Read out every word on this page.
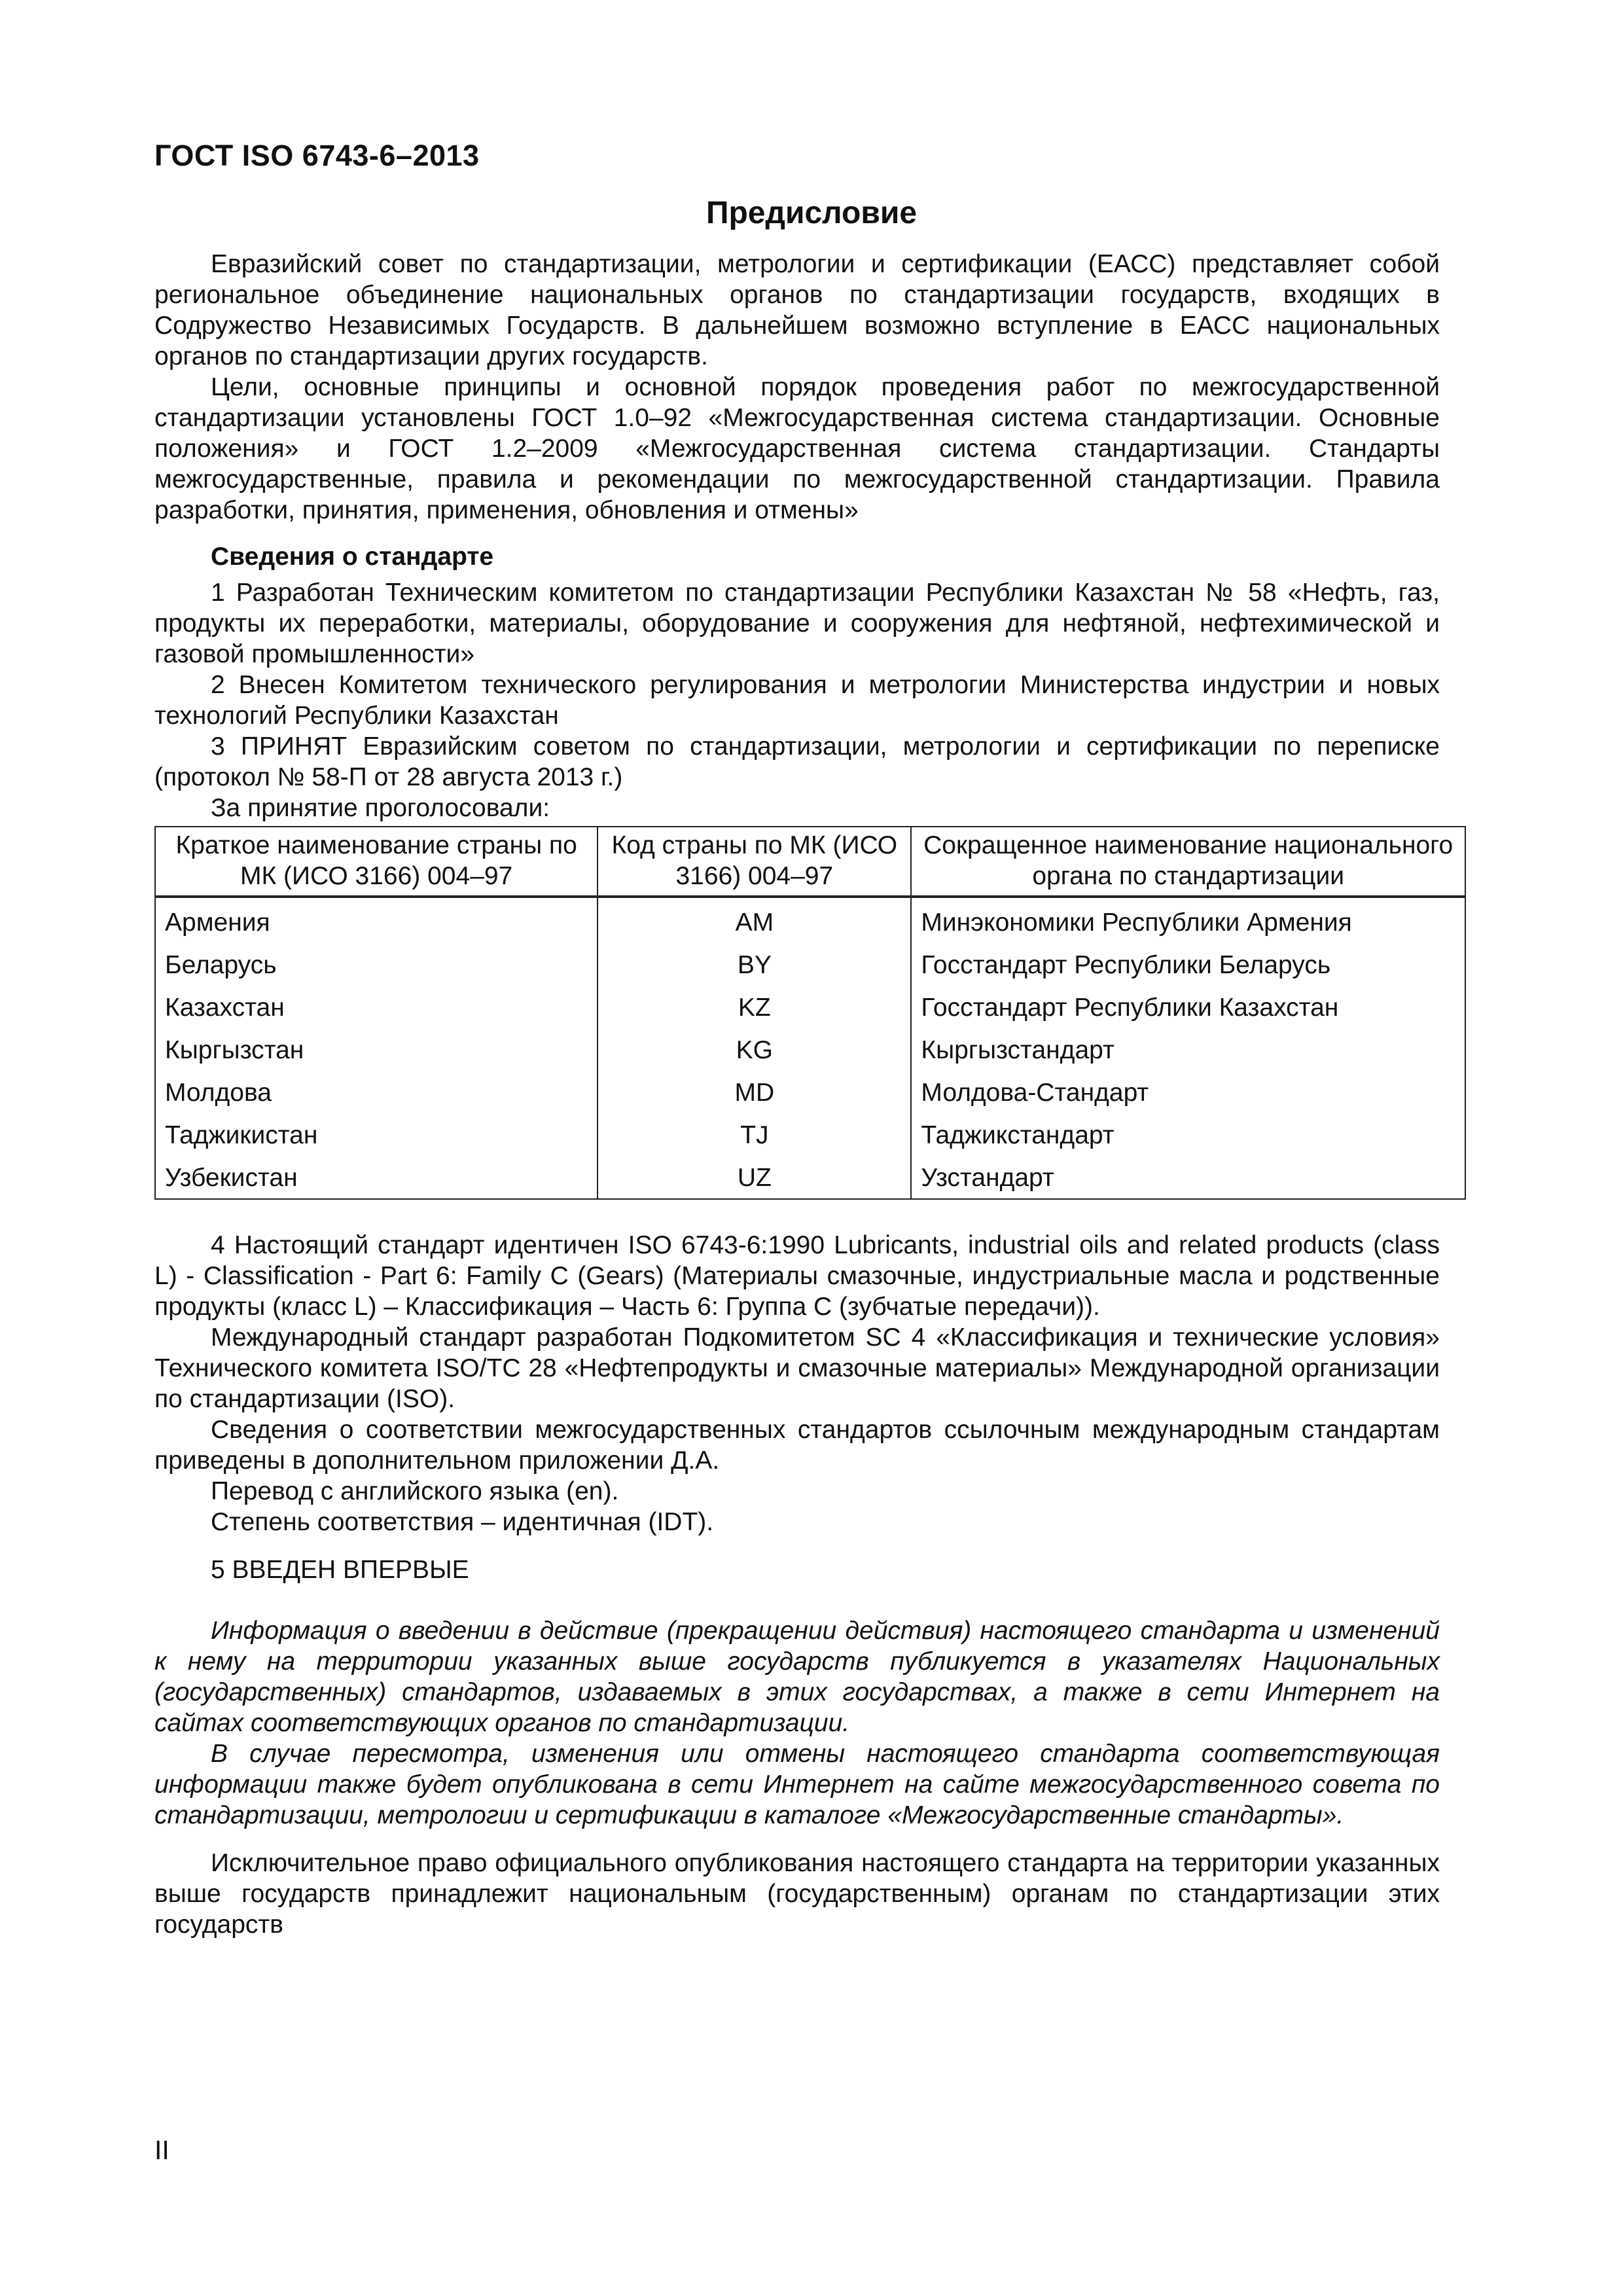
ГОСТ ISO 6743-6–2013
Предисловие

Евразийский совет по стандартизации, метрологии и сертификации (ЕАСС) представляет собой региональное объединение национальных органов по стандартизации государств, входящих в Содружество Независимых Государств. В дальнейшем возможно вступление в ЕАСС национальных органов по стандартизации других государств.

Цели, основные принципы и основной порядок проведения работ по межгосударственной стандартизации установлены ГОСТ 1.0–92 «Межгосударственная система стандартизации. Основные положения» и ГОСТ 1.2–2009 «Межгосударственная система стандартизации. Стандарты межгосударственные, правила и рекомендации по межгосударственной стандартизации. Правила разработки, принятия, применения, обновления и отмены»

Сведения о стандарте

1 Разработан Техническим комитетом по стандартизации Республики Казахстан № 58 «Нефть, газ, продукты их переработки, материалы, оборудование и сооружения для нефтяной, нефтехимической и газовой промышленности»

2 Внесен Комитетом технического регулирования и метрологии Министерства индустрии и новых технологий Республики Казахстан

3 ПРИНЯТ Евразийским советом по стандартизации, метрологии и сертификации по переписке (протокол № 58-П от 28 августа 2013 г.)

За принятие проголосовали:

Краткое наименование страны по МК (ИСО 3166) 004–97	Код страны по МК (ИСО 3166) 004–97	Сокращенное наименование национального органа по стандартизации
Армения	AM	Минэкономики Республики Армения
Беларусь	BY	Госстандарт Республики Беларусь
Казахстан	KZ	Госстандарт Республики Казахстан
Кыргызстан	KG	Кыргызстандарт
Молдова	MD	Молдова-Стандарт
Таджикистан	TJ	Таджикстандарт
Узбекистан	UZ	Узстандарт

4 Настоящий стандарт идентичен ISO 6743-6:1990 Lubricants, industrial oils and related products (class L) - Classification - Part 6: Family C (Gears) (Материалы смазочные, индустриальные масла и родственные продукты (класс L) – Классификация – Часть 6: Группа С (зубчатые передачи)).

Международный стандарт разработан Подкомитетом SC 4 «Классификация и технические условия» Технического комитета ISO/TC 28 «Нефтепродукты и смазочные материалы» Международной организации по стандартизации (ISO).

Сведения о соответствии межгосударственных стандартов ссылочным международным стандартам приведены в дополнительном приложении Д.А.

Перевод с английского языка (en).

Степень соответствия – идентичная (IDT).

5 ВВЕДЕН ВПЕРВЫЕ

Информация о введении в действие (прекращении действия) настоящего стандарта и изменений к нему на территории указанных выше государств публикуется в указателях Национальных (государственных) стандартов, издаваемых в этих государствах, а также в сети Интернет на сайтах соответствующих органов по стандартизации.

В случае пересмотра, изменения или отмены настоящего стандарта соответствующая информации также будет опубликована в сети Интернет на сайте межгосударственного совета по стандартизации, метрологии и сертификации в каталоге «Межгосударственные стандарты».

Исключительное право официального опубликования настоящего стандарта на территории указанных выше государств принадлежит национальным (государственным) органам по стандартизации этих государств

II
